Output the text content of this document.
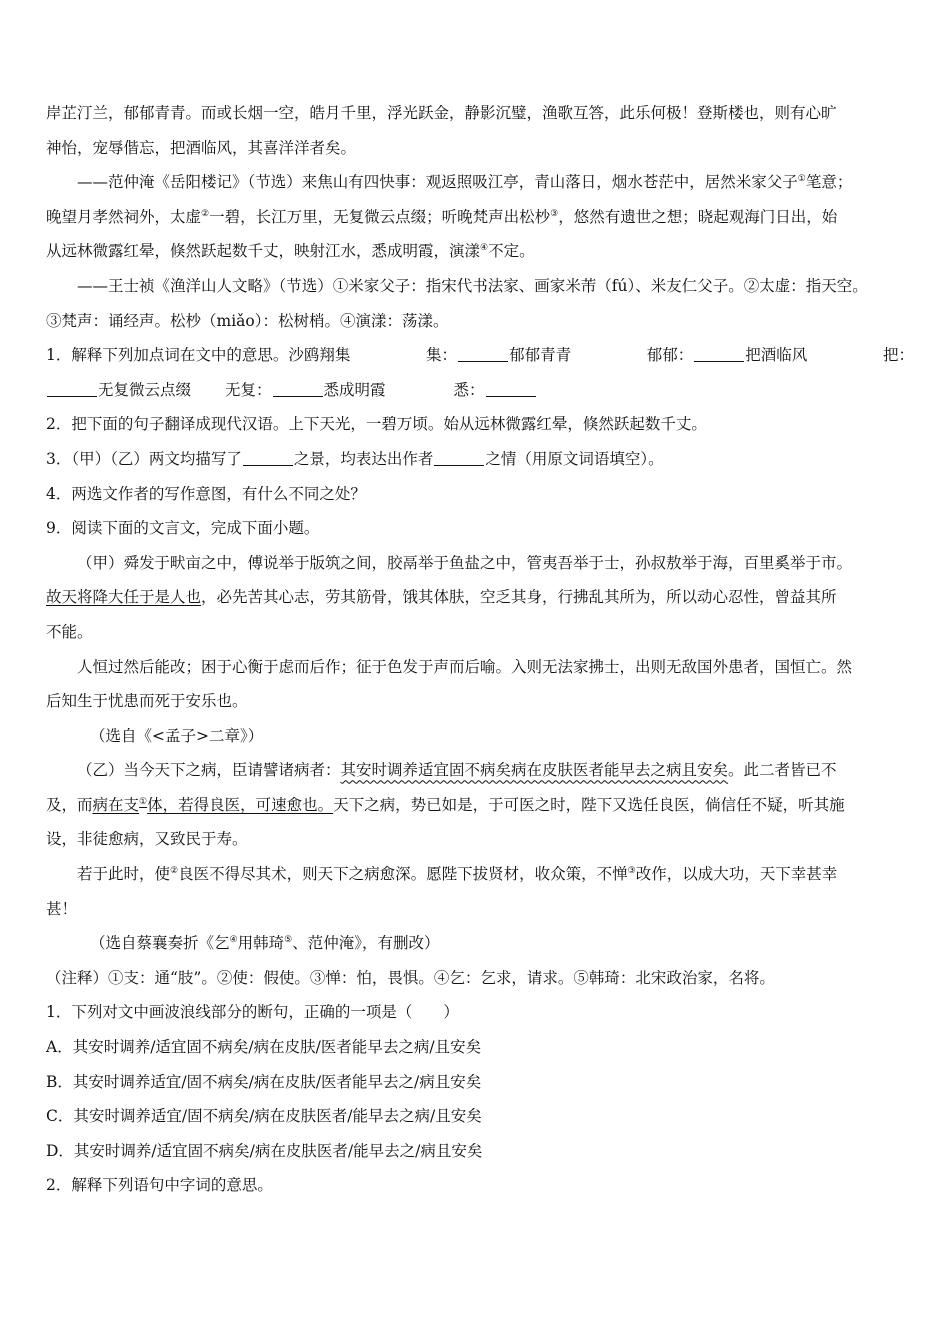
岸芷汀兰，郁郁青青。而或长烟一空，皓月千里，浮光跃金，静影沉璧，渔歌互答，此乐何极！登斯楼也，则有心旷

神怡，宠辱偕忘，把酒临风，其喜洋洋者矣。

——范仲淹《岳阳楼记》（节选）来焦山有四快事：观返照吸江亭，青山落日，烟水苍茫中，居然米家父子①笔意；

晚望月孝然祠外，太虚②一碧，长江万里，无复微云点缀；听晚梵声出松杪③，悠然有遗世之想；晓起观海门日出，始

从远林微露红晕，倏然跃起数千丈，映射江水，悉成明霞，演漾④不定。

——王士祯《渔洋山人文略》（节选）①米家父子：指宋代书法家、画家米芾（fú）、米友仁父子。②太虚：指天空。

③梵声：诵经声。松杪（miǎo）：松树梢。④演漾：荡漾。

1．解释下列加点词在文中的意思。沙鸥翔集	集：	郁郁青青	郁郁：	把酒临风	把：

无复微云点缀 无复：	悉成明霞	悉：

2．把下面的句子翻译成现代汉语。上下天光，一碧万顷。始从远林微露红晕，倏然跃起数千丈。

3．（甲）（乙）两文均描写了	之景，均表达出作者	之情（用原文词语填空）。

4．两选文作者的写作意图，有什么不同之处？

9．阅读下面的文言文，完成下面小题。

（甲）舜发于畎亩之中，傅说举于版筑之间，胶鬲举于鱼盐之中，管夷吾举于士，孙叔敖举于海，百里奚举于市。

故天将降大任于是人也，必先苦其心志，劳其筋骨，饿其体肤，空乏其身，行拂乱其所为，所以动心忍性，曾益其所

不能。

人恒过然后能改；困于心衡于虑而后作；征于色发于声而后喻。入则无法家拂士，出则无敌国外患者，国恒亡。然

后知生于忧患而死于安乐也。

（选自《<孟子>二章》）

（乙）当今天下之病，臣请譬诸病者：其安时调养适宜固不病矣病在皮肤医者能早去之病且安矣。此二者皆已不

及，而病在支①体，若得良医，可速愈也。天下之病，势已如是，于可医之时，陛下又选任良医，倘信任不疑，听其施

设，非徒愈病，又致民于寿。

若于此时，使②良医不得尽其术，则天下之病愈深。愿陛下拔贤材，收众策，不惮③改作，以成大功，天下幸甚幸

甚！

（选自蔡襄奏折《乞④用韩琦⑤、范仲淹》，有删改）

（注释）①支：通“肢”。②使：假使。③惮：怕，畏惧。④乞：乞求，请求。⑤韩琦：北宋政治家，名将。

1．下列对文中画波浪线部分的断句，正确的一项是（　　）

A．其安时调养/适宜固不病矣/病在皮肤/医者能早去之病/且安矣

B．其安时调养适宜/固不病矣/病在皮肤/医者能早去之/病且安矣

C．其安时调养适宜/固不病矣/病在皮肤医者/能早去之病/且安矣

D．其安时调养/适宜固不病矣/病在皮肤医者/能早去之/病且安矣

2．解释下列语句中字词的意思。
